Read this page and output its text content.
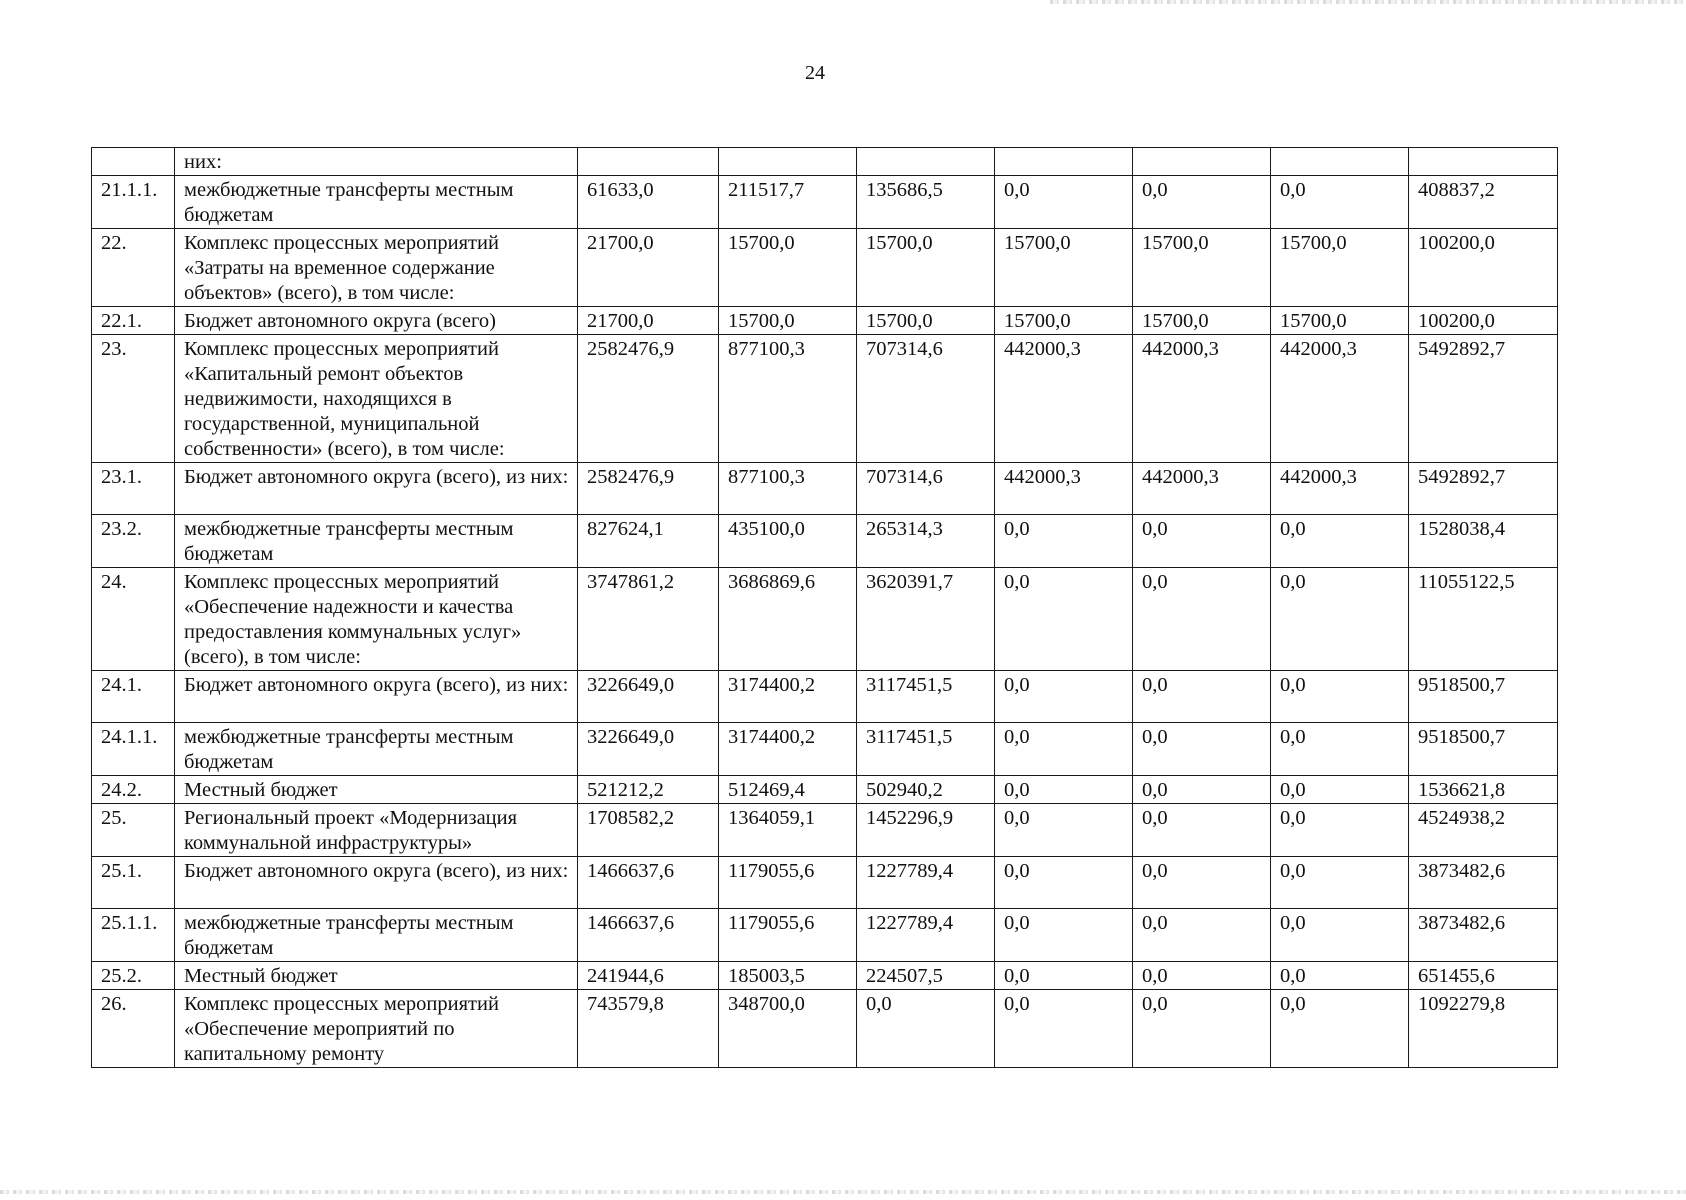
24
	них:							
21.1.1.	межбюджетные трансферты местным бюджетам	61633,0	211517,7	135686,5	0,0	0,0	0,0	408837,2
22.	Комплекс процессных мероприятий «Затраты на временное содержание объектов» (всего), в том числе:	21700,0	15700,0	15700,0	15700,0	15700,0	15700,0	100200,0
22.1.	Бюджет автономного округа (всего)	21700,0	15700,0	15700,0	15700,0	15700,0	15700,0	100200,0
23.	Комплекс процессных мероприятий «Капитальный ремонт объектов недвижимости, находящихся в государственной, муниципальной собственности» (всего), в том числе:	2582476,9	877100,3	707314,6	442000,3	442000,3	442000,3	5492892,7
23.1.	Бюджет автономного округа (всего), из них:	2582476,9	877100,3	707314,6	442000,3	442000,3	442000,3	5492892,7
23.2.	межбюджетные трансферты местным бюджетам	827624,1	435100,0	265314,3	0,0	0,0	0,0	1528038,4
24.	Комплекс процессных мероприятий «Обеспечение надежности и качества предоставления коммунальных услуг» (всего), в том числе:	3747861,2	3686869,6	3620391,7	0,0	0,0	0,0	11055122,5
24.1.	Бюджет автономного округа (всего), из них:	3226649,0	3174400,2	3117451,5	0,0	0,0	0,0	9518500,7
24.1.1.	межбюджетные трансферты местным бюджетам	3226649,0	3174400,2	3117451,5	0,0	0,0	0,0	9518500,7
24.2.	Местный бюджет	521212,2	512469,4	502940,2	0,0	0,0	0,0	1536621,8
25.	Региональный проект «Модернизация коммунальной инфраструктуры»	1708582,2	1364059,1	1452296,9	0,0	0,0	0,0	4524938,2
25.1.	Бюджет автономного округа (всего), из них:	1466637,6	1179055,6	1227789,4	0,0	0,0	0,0	3873482,6
25.1.1.	межбюджетные трансферты местным бюджетам	1466637,6	1179055,6	1227789,4	0,0	0,0	0,0	3873482,6
25.2.	Местный бюджет	241944,6	185003,5	224507,5	0,0	0,0	0,0	651455,6
26.	Комплекс процессных мероприятий «Обеспечение мероприятий по капитальному ремонту	743579,8	348700,0	0,0	0,0	0,0	0,0	1092279,8
